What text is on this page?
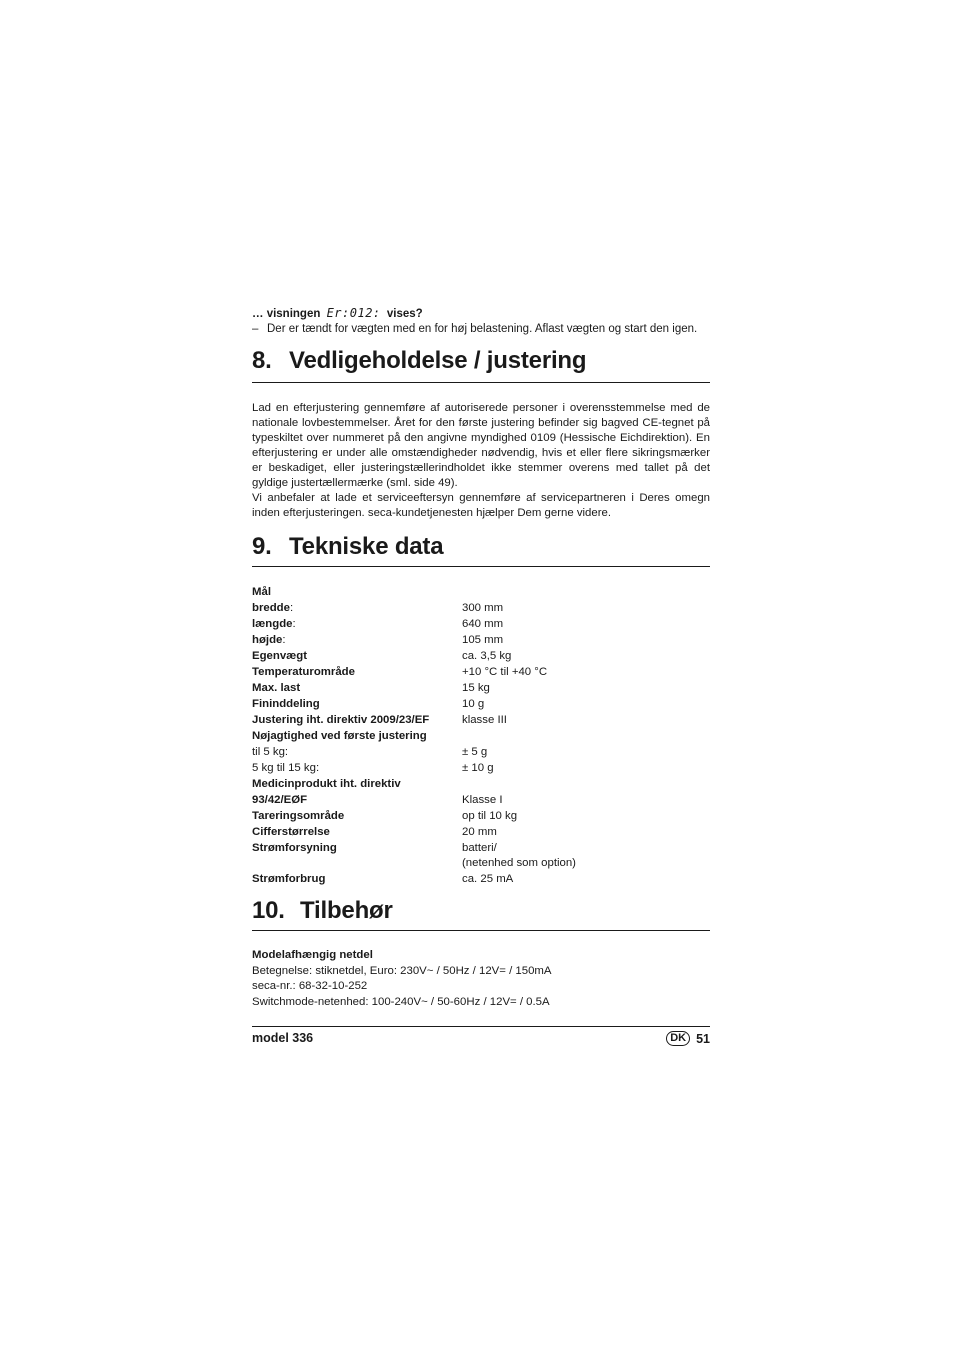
… visningen Er:012: vises?
– Der er tændt for vægten med en for høj belastening. Aflast vægten og start den igen.
8. Vedligeholdelse / justering

Lad en efterjustering gennemføre af autoriserede personer i overensstemmelse med de nationale lovbestemmelser. Året for den første justering befinder sig bagved CE-tegnet på typeskiltet over nummeret på den angivne myndighed 0109 (Hessische Eichdirektion). En efterjustering er under alle omstændigheder nødvendig, hvis et eller flere sikringsmærker er beskadiget, eller justeringstællerindholdet ikke stemmer overens med tallet på det gyldige justertællermærke (sml. side 49).

Vi anbefaler at lade et serviceeftersyn gennemføre af servicepartneren i Deres omegn inden efterjusteringen. seca-kundetjenesten hjælper Dem gerne videre.

9. Tekniske data
Mål
bredde:	300 mm
længde:	640 mm
højde:	105 mm
Egenvægt	ca. 3,5 kg
Temperaturområde	+10 °C til +40 °C
Max. last	15 kg
Fininddeling	10 g
Justering iht. direktiv 2009/23/EF	klasse III
Nøjagtighed ved første justering
til 5 kg:	± 5 g
5 kg til 15 kg:	± 10 g
Medicinprodukt iht. direktiv
93/42/EØF	Klasse I
Tareringsområde	op til 10 kg
Cifferstørrelse	20 mm
Strømforsyning	batteri/
(netenhed som option)
Strømforbrug	ca. 25 mA
10. Tilbehør
Modelafhængig netdel
Betegnelse: stiknetdel, Euro: 230V~ / 50Hz / 12V= / 150mA
seca-nr.: 68-32-10-252
Switchmode-netenhed: 100-240V~ / 50-60Hz / 12V= / 0.5A
model 336	DK 51
